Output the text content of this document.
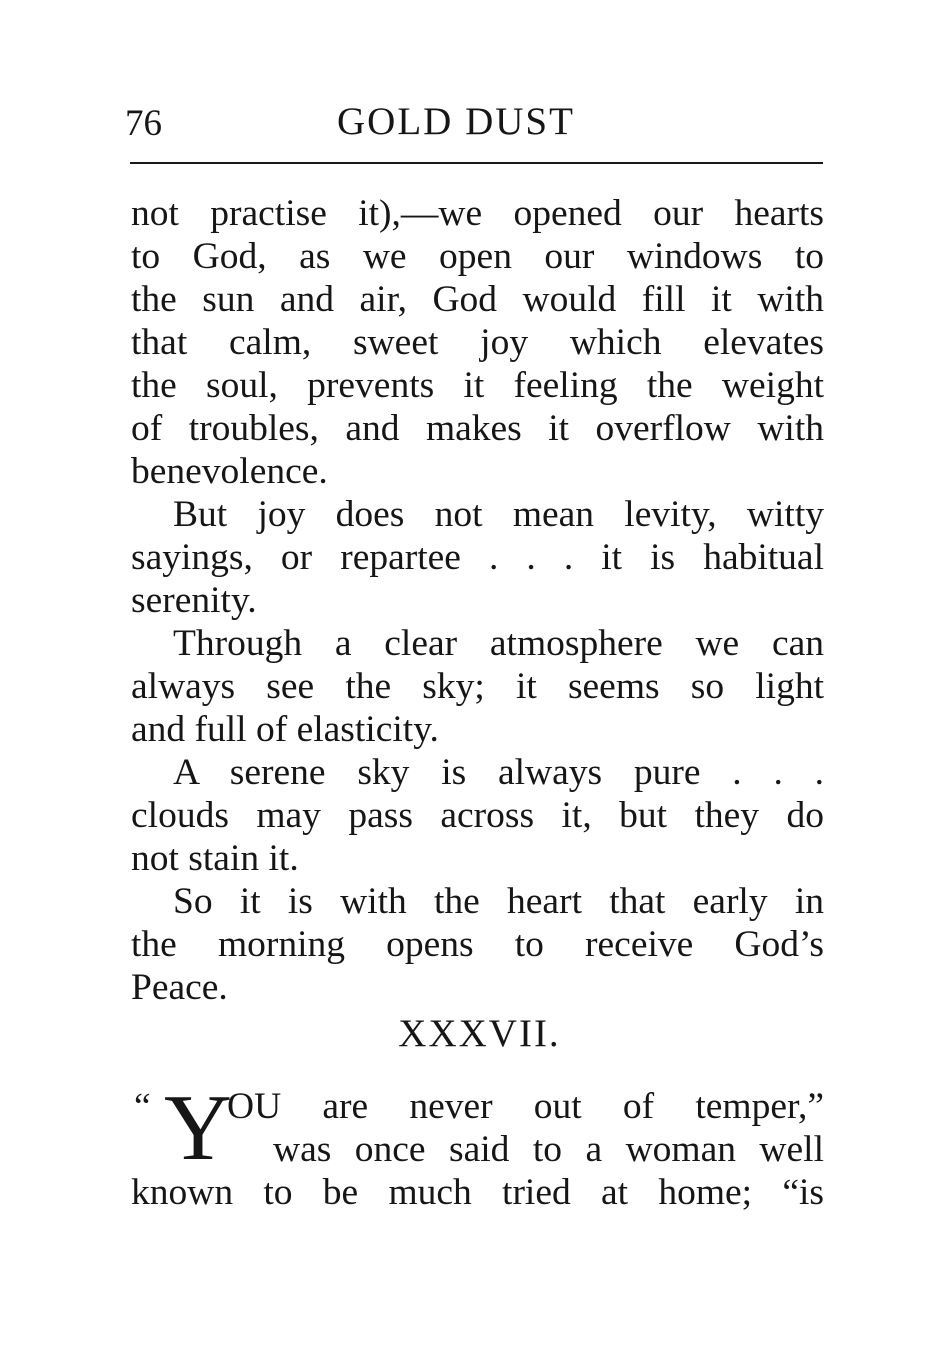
76	GOLD DUST
not practise it),—we opened our hearts
to God, as we open our windows to
the sun and air, God would fill it with
that calm, sweet joy which elevates
the soul, prevents it feeling the weight
of troubles, and makes it overflow with
benevolence.
But joy does not mean levity, witty
sayings, or repartee . . . it is habitual
serenity.
Through a clear atmosphere we can
always see the sky; it seems so light
and full of elasticity.
A serene sky is always pure . . .
clouds may pass across it, but they do
not stain it.
So it is with the heart that early in
the morning opens to receive God’s
Peace.
XXXVII.
“ Y
OU are never out of temper,”
was once said to a woman well
known to be much tried at home; “is
